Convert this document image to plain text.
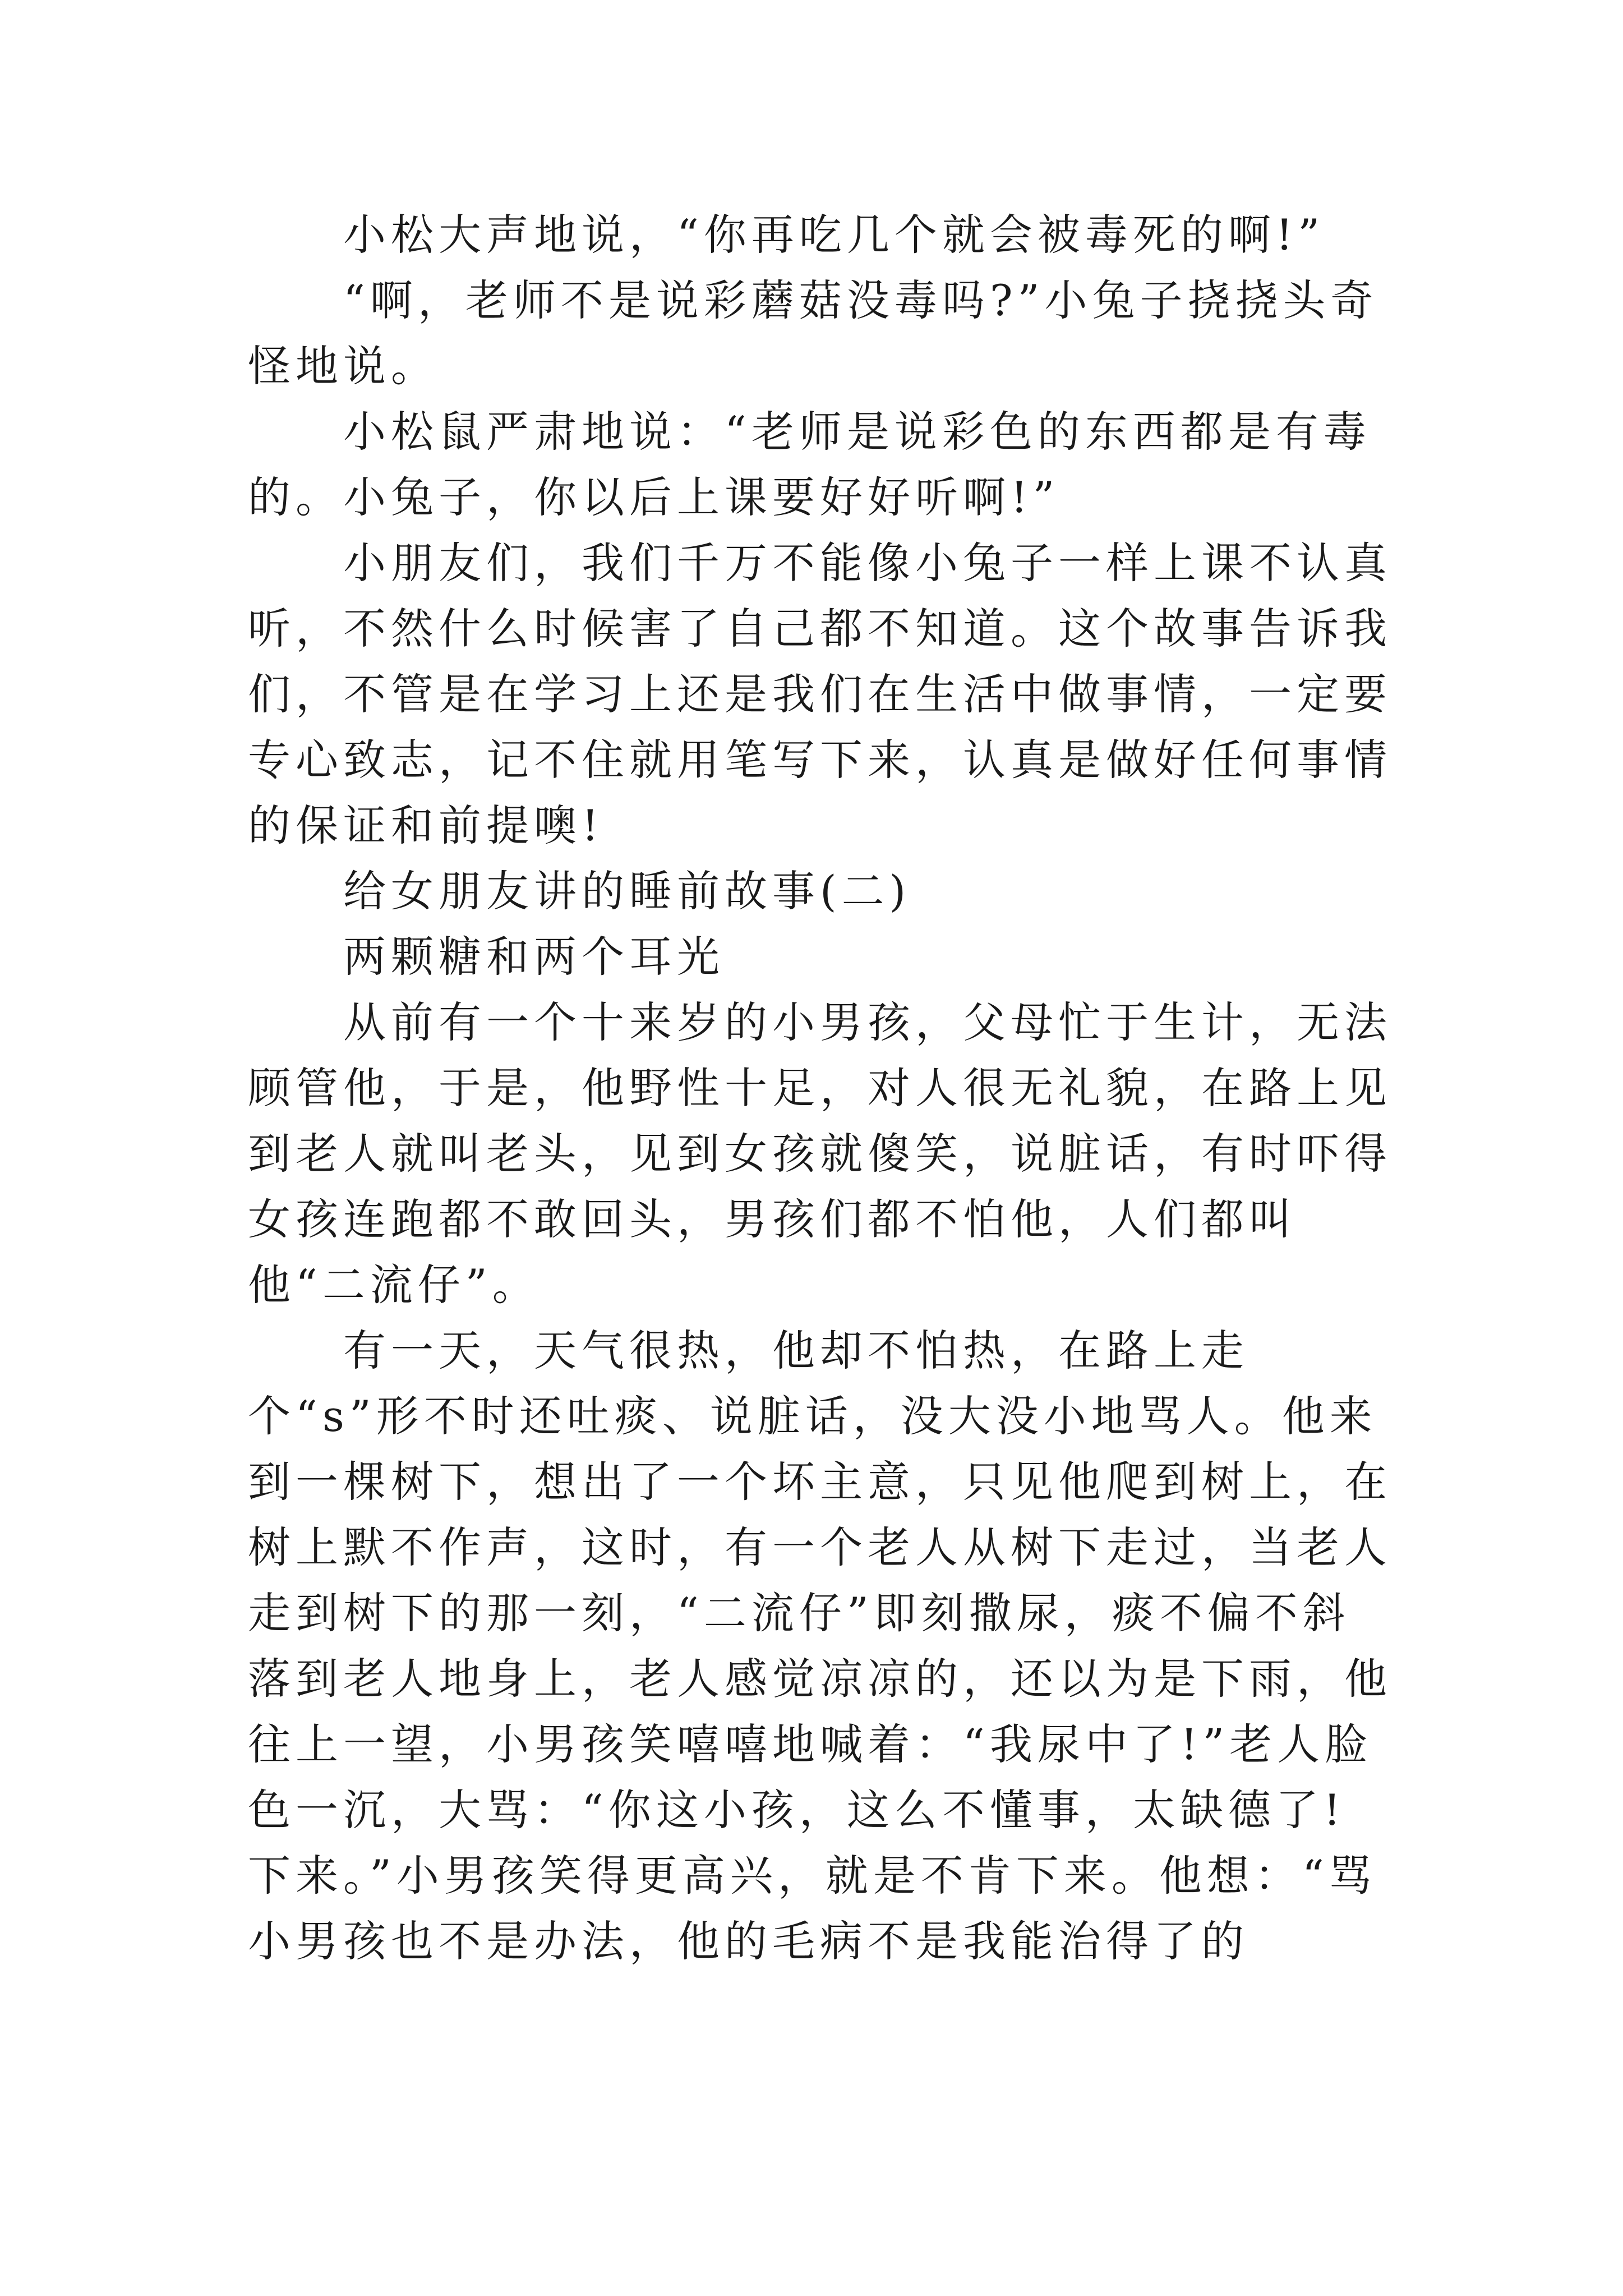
小松大声地说，“你再吃几个就会被毒死的啊!”

“啊，老师不是说彩蘑菇没毒吗?”小兔子挠挠头奇怪地说。

小松鼠严肃地说：“老师是说彩色的东西都是有毒的。小兔子，你以后上课要好好听啊!”

小朋友们，我们千万不能像小兔子一样上课不认真听，不然什么时候害了自己都不知道。这个故事告诉我们，不管是在学习上还是我们在生活中做事情，一定要专心致志，记不住就用笔写下来，认真是做好任何事情的保证和前提噢!

给女朋友讲的睡前故事(二)

两颗糖和两个耳光

从前有一个十来岁的小男孩，父母忙于生计，无法顾管他，于是，他野性十足，对人很无礼貌，在路上见到老人就叫老头，见到女孩就傻笑，说脏话，有时吓得女孩连跑都不敢回头，男孩们都不怕他，人们都叫他“二流仔”。

有一天，天气很热，他却不怕热，在路上走个“s”形不时还吐痰、说脏话，没大没小地骂人。他来到一棵树下，想出了一个坏主意，只见他爬到树上，在树上默不作声，这时，有一个老人从树下走过，当老人走到树下的那一刻，“二流仔”即刻撒尿，痰不偏不斜落到老人地身上，老人感觉凉凉的，还以为是下雨，他往上一望，小男孩笑嘻嘻地喊着：“我尿中了!”老人脸色一沉，大骂：“你这小孩，这么不懂事，太缺德了!下来。”小男孩笑得更高兴，就是不肯下来。他想：“骂小男孩也不是办法，他的毛病不是我能治得了的
